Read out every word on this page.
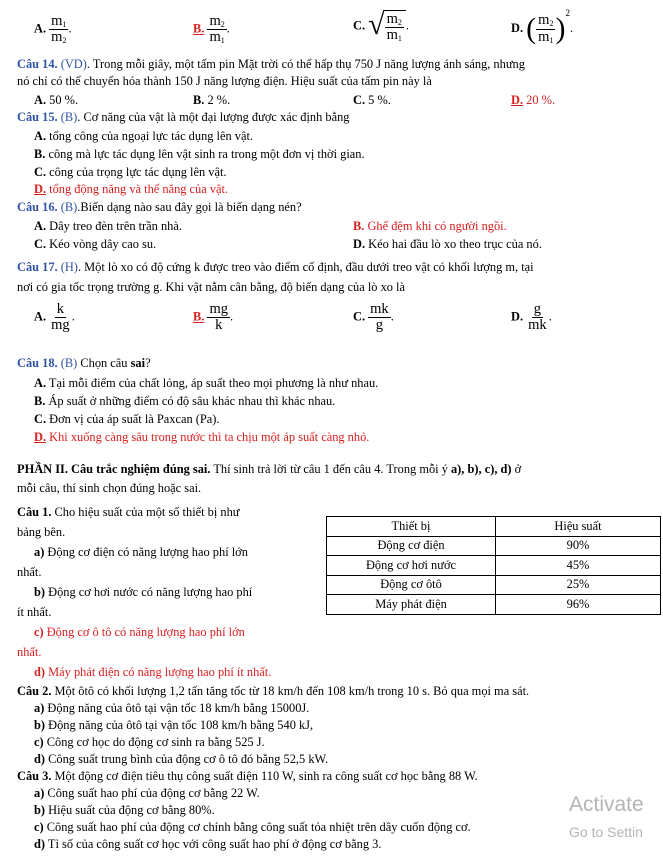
A. $\frac{m_1}{m_2}$ .	B. $\frac{m_2}{m_1}$ .	C. √ $\frac{m_2}{m_1}$ .	D. ( $\frac{m_2}{m_1} )^2$.
Câu 14. (VD). Trong mỗi giây, một tấm pin Mặt trời có thể hấp thụ 750 J năng lượng ánh sáng, nhưng
nó chỉ có thể chuyển hóa thành 150 J năng lượng điện. Hiệu suất của tấm pin này là
A. 50 %.	B. 2 %.	C. 5 %.	D. 20 %.
Câu 15. (B). Cơ năng của vật là một đại lượng được xác định bằng
A. tổng công của ngoại lực tác dụng lên vật.
B. công mà lực tác dụng lên vật sinh ra trong một đơn vị thời gian.
C. công của trọng lực tác dụng lên vật.
D. tổng động năng và thế năng của vật.
Câu 16. (B).Biến dạng nào sau đây gọi là biến dạng nén?
A. Dây treo đèn trên trần nhà.	B. Ghế đệm khi có người ngồi.
C. Kéo vòng dây cao su.	D. Kéo hai đầu lò xo theo trục của nó.
Câu 17. (H). Một lò xo có độ cứng k được treo vào điểm cố định, đầu dưới treo vật có khối lượng m, tại
nơi có gia tốc trọng trường g. Khi vật nằm cân bằng, độ biến dạng của lò xo là
A. $\frac{k}{mg}$ .	B. $\frac{mg}{k}$ .	C. $\frac{mk}{g}$ .	D. $\frac{g}{mk}$ .
Câu 18. (B) Chọn câu sai?
A. Tại mỗi điểm của chất lỏng, áp suất theo mọi phương là như nhau.
B. Áp suất ở những điểm có độ sâu khác nhau thì khác nhau.
C. Đơn vị của áp suất là Paxcan (Pa).
D. Khi xuống càng sâu trong nước thì ta chịu một áp suất càng nhỏ.
PHẦN II. Câu trắc nghiệm đúng sai. Thí sinh trả lời từ câu 1 đến câu 4. Trong mỗi ý a), b), c), d) ở
mỗi câu, thí sinh chọn đúng hoặc sai.
Câu 1. Cho hiệu suất của một số thiết bị như
bảng bên.
a) Động cơ điện có năng lượng hao phí lớn
nhất.
b) Động cơ hơi nước có năng lượng hao phí
ít nhất.
c) Động cơ ô tô có năng lượng hao phí lớn
nhất.
d) Máy phát điện có năng lượng hao phí ít nhất.
Thiết bị	Hiệu suất
Động cơ điện	90%
Động cơ hơi nước	45%
Động cơ ôtô	25%
Máy phát điện	96%
Câu 2. Một ôtô có khối lượng 1,2 tấn tăng tốc từ 18 km/h đến 108 km/h trong 10 s. Bỏ qua mọi ma sát.
a) Động năng của ôtô tại vận tốc 18 km/h bằng 15000J.
b) Động năng của ôtô tại vận tốc 108 km/h bằng 540 kJ,
c) Công cơ học do động cơ sinh ra bằng 525 J.
d) Công suất trung bình của động cơ ô tô đó bằng 52,5 kW.
Câu 3. Một động cơ điện tiêu thụ công suất điện 110 W, sinh ra công suất cơ học bằng 88 W.
a) Công suất hao phí của động cơ bằng 22 W.
b) Hiệu suất của động cơ bằng 80%.
c) Công suất hao phí của động cơ chính bằng công suất tỏa nhiệt trên dây cuốn động cơ.
d) Tỉ số của công suất cơ học với công suất hao phí ở động cơ bằng 3.
Activate
Go to Settin
